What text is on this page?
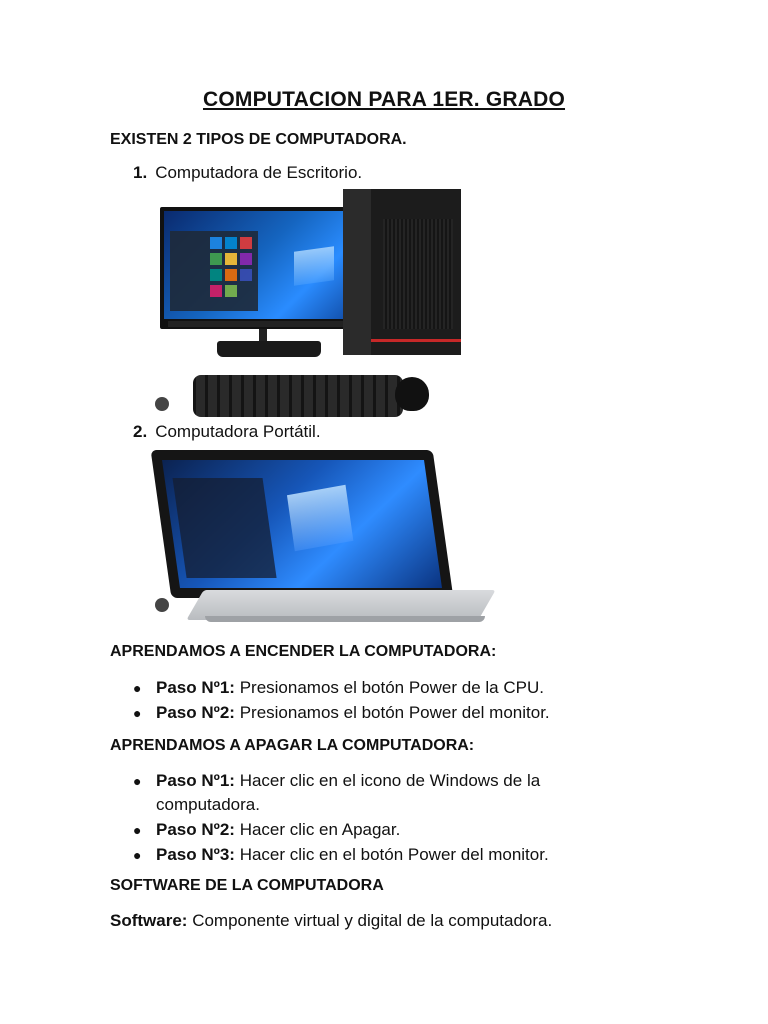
COMPUTACION PARA 1ER. GRADO
EXISTEN 2 TIPOS DE COMPUTADORA.
1. Computadora de Escritorio.
2. Computadora Portátil.
APRENDAMOS A ENCENDER LA COMPUTADORA:
● Paso Nº1: Presionamos el botón Power de la CPU.
● Paso Nº2: Presionamos el botón Power del monitor.
APRENDAMOS A APAGAR LA COMPUTADORA:
● Paso Nº1: Hacer clic en el icono de Windows de la computadora.
● Paso Nº2: Hacer clic en Apagar.
● Paso Nº3: Hacer clic en el botón Power del monitor.
SOFTWARE DE LA COMPUTADORA
Software: Componente virtual y digital de la computadora.
